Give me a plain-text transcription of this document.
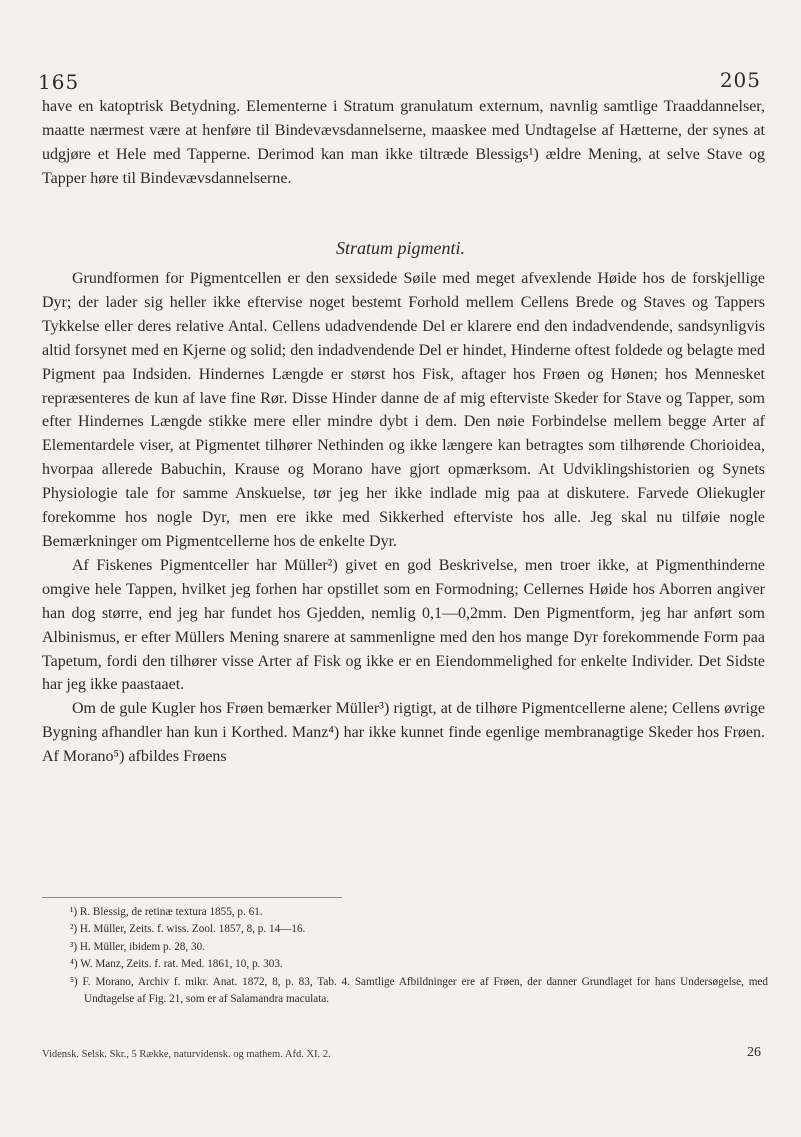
165	205

have en katoptrisk Betydning. Elementerne i Stratum granulatum externum, navnlig samtlige Traaddannelser, maatte nærmest være at henføre til Bindevævsdannelserne, maaskee med Undtagelse af Hætterne, der synes at udgjøre et Hele med Tapperne. Derimod kan man ikke tiltræde Blessigs¹) ældre Mening, at selve Stave og Tapper høre til Bindevævsdannelserne.

Stratum pigmenti.

Grundformen for Pigmentcellen er den sexsidede Søile med meget afvexlende Høide hos de forskjellige Dyr; der lader sig heller ikke eftervise noget bestemt Forhold mellem Cellens Brede og Staves og Tappers Tykkelse eller deres relative Antal. Cellens udadvendende Del er klarere end den indadvendende, sandsynligvis altid forsynet med en Kjerne og solid; den indadvendende Del er hindet, Hinderne oftest foldede og belagte med Pigment paa Indsiden. Hindernes Længde er størst hos Fisk, aftager hos Frøen og Hønen; hos Mennesket repræsenteres de kun af lave fine Rør. Disse Hinder danne de af mig efterviste Skeder for Stave og Tapper, som efter Hindernes Længde stikke mere eller mindre dybt i dem. Den nøie Forbindelse mellem begge Arter af Elementardele viser, at Pigmentet tilhører Nethinden og ikke længere kan betragtes som tilhørende Chorioidea, hvorpaa allerede Babuchin, Krause og Morano have gjort opmærksom. At Udviklingshistorien og Synets Physiologie tale for samme Anskuelse, tør jeg her ikke indlade mig paa at diskutere. Farvede Oliekugler forekomme hos nogle Dyr, men ere ikke med Sikkerhed efterviste hos alle. Jeg skal nu tilføie nogle Bemærkninger om Pigmentcellerne hos de enkelte Dyr.

Af Fiskenes Pigmentceller har Müller²) givet en god Beskrivelse, men troer ikke, at Pigmenthinderne omgive hele Tappen, hvilket jeg forhen har opstillet som en Formodning; Cellernes Høide hos Aborren angiver han dog større, end jeg har fundet hos Gjedden, nemlig 0,1—0,2mm. Den Pigmentform, jeg har anført som Albinismus, er efter Müllers Mening snarere at sammenligne med den hos mange Dyr forekommende Form paa Tapetum, fordi den tilhører visse Arter af Fisk og ikke er en Eiendommelighed for enkelte Individer. Det Sidste har jeg ikke paastaaet.

Om de gule Kugler hos Frøen bemærker Müller³) rigtigt, at de tilhøre Pigmentcellerne alene; Cellens øvrige Bygning afhandler han kun i Korthed. Manz⁴) har ikke kunnet finde egenlige membranagtige Skeder hos Frøen. Af Morano⁵) afbildes Frøens

¹) R. Blessig, de retinæ textura 1855, p. 61.

²) H. Müller, Zeits. f. wiss. Zool. 1857, 8, p. 14—16.

³) H. Müller, ibidem p. 28, 30.

⁴) W. Manz, Zeits. f. rat. Med. 1861, 10, p. 303.

⁵) F. Morano, Archiv f. mikr. Anat. 1872, 8, p. 83, Tab. 4. Samtlige Afbildninger ere af Frøen, der danner Grundlaget for hans Undersøgelse, med Undtagelse af Fig. 21, som er af Salamandra maculata.

Vidensk. Selsk. Skr., 5 Række, naturvidensk. og mathem. Afd. XI. 2.	26
